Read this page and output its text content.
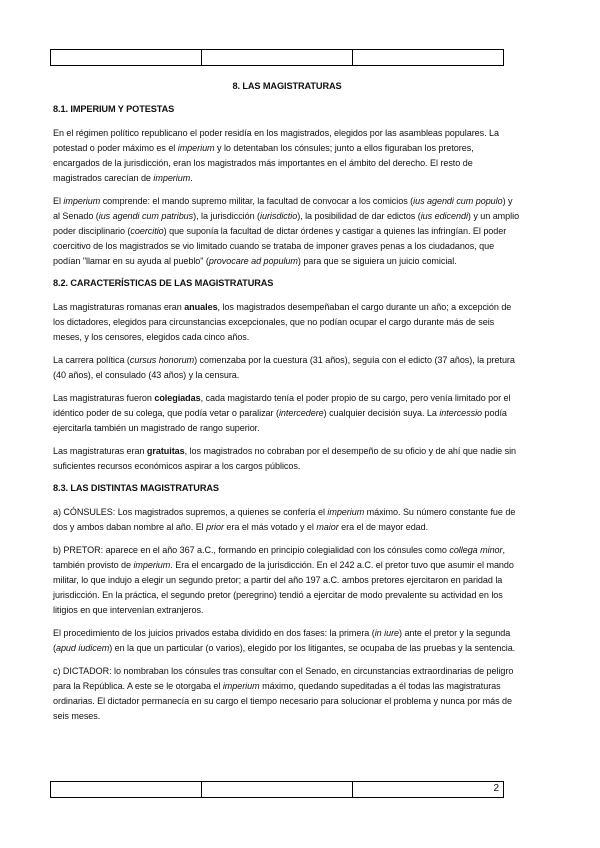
8. LAS MAGISTRATURAS
8.1. IMPERIUM Y POTESTAS

En el régimen político republicano el poder residía en los magistrados, elegidos por las asambleas populares. La potestad o poder máximo es el imperium y lo detentaban los cónsules; junto a ellos figuraban los pretores, encargados de la jurisdicción, eran los magistrados más importantes en el ámbito del derecho. El resto de magistrados carecían de imperium.

El imperium comprende: el mando supremo militar, la facultad de convocar a los comicios (ius agendi cum populo) y al Senado (ius agendi cum patribus), la jurisdicción (iurisdictio), la posibilidad de dar edictos (ius edicendi) y un amplio poder disciplinario (coercitio) que suponía la facultad de dictar órdenes y castigar a quienes las infringían. El poder coercitivo de los magistrados se vio limitado cuando se trataba de imponer graves penas a los ciudadanos, que podían "llamar en su ayuda al pueblo" (provocare ad populum) para que se siguiera un juicio comicial.

8.2. CARACTERÍSTICAS DE LAS MAGISTRATURAS

Las magistraturas romanas eran anuales, los magistrados desempeñaban el cargo durante un año; a excepción de los dictadores, elegidos para circunstancias excepcionales, que no podían ocupar el cargo durante más de seis meses, y los censores, elegidos cada cinco años.

La carrera política (cursus honorum) comenzaba por la cuestura (31 años), seguía con el edicto (37 años), la pretura (40 años), el consulado (43 años) y la censura.

Las magistraturas fueron colegiadas, cada magistardo tenía el poder propio de su cargo, pero venía limitado por el idéntico poder de su colega, que podía vetar o paralizar (intercedere) cualquier decisión suya. La intercessio podía ejercitarla también un magistrado de rango superior.

Las magistraturas eran gratuitas, los magistrados no cobraban por el desempeño de su oficio y de ahí que nadie sin suficientes recursos económicos aspirar a los cargos públicos.

8.3. LAS DISTINTAS MAGISTRATURAS

a) CÓNSULES: Los magistrados supremos, a quienes se confería el imperium máximo. Su número constante fue de dos y ambos daban nombre al año. El prior era el más votado y el maior era el de mayor edad.

b) PRETOR: aparece en el año 367 a.C., formando en principio colegialidad con los cónsules como collega minor, también provisto de imperium. Era el encargado de la jurisdicción. En el 242 a.C. el pretor tuvo que asumir el mando militar, lo que indujo a elegir un segundo pretor; a partir del año 197 a.C. ambos pretores ejercitaron en paridad la jurisdicción. En la práctica, el segundo pretor (peregrino) tendió a ejercitar de modo prevalente su actividad en los litigios en que intervenían extranjeros.

El procedimiento de los juicios privados estaba dividido en dos fases: la primera (in iure) ante el pretor y la segunda (apud iudicem) en la que un particular (o varios), elegido por los litigantes, se ocupaba de las pruebas y la sentencia.

c) DICTADOR: lo nombraban los cónsules tras consultar con el Senado, en circunstancias extraordinarias de peligro para la República. A este se le otorgaba el imperium máximo, quedando supeditadas a él todas las magistraturas ordinarias. El dictador permanecía en su cargo el tiempo necesario para solucionar el problema y nunca por más de seis meses.

2
